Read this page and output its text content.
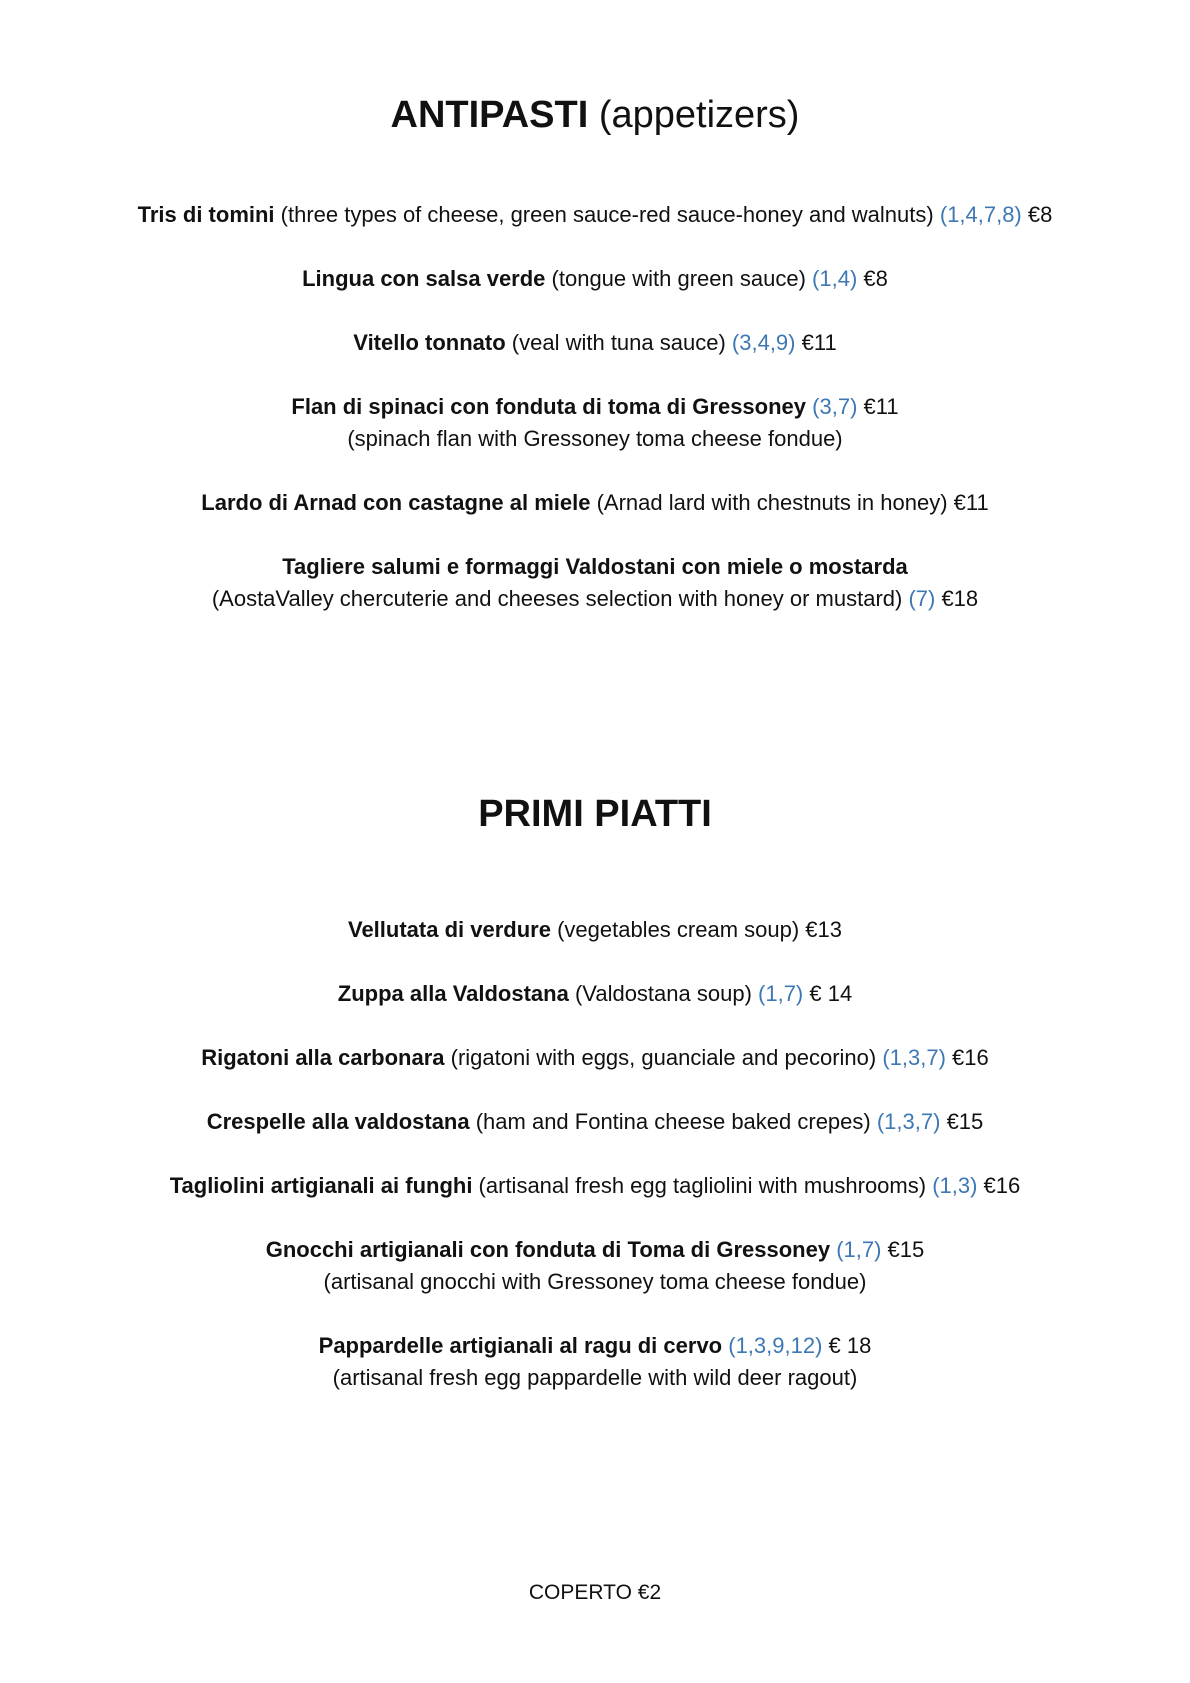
ANTIPASTI (appetizers)

Tris di tomini (three types of cheese, green sauce-red sauce-honey and walnuts) (1,4,7,8) €8

Lingua con salsa verde (tongue with green sauce) (1,4) €8

Vitello tonnato (veal with tuna sauce) (3,4,9) €11

Flan di spinaci con fonduta di toma di Gressoney (3,7) €11
(spinach flan with Gressoney toma cheese fondue)

Lardo di Arnad con castagne al miele (Arnad lard with chestnuts in honey) €11

Tagliere salumi e formaggi Valdostani con miele o mostarda
(AostaValley chercuterie and cheeses selection with honey or mustard) (7) €18

PRIMI PIATTI

Vellutata di verdure (vegetables cream soup) €13

Zuppa alla Valdostana (Valdostana soup) (1,7) € 14

Rigatoni alla carbonara (rigatoni with eggs, guanciale and pecorino) (1,3,7) €16

Crespelle alla valdostana (ham and Fontina cheese baked crepes) (1,3,7) €15

Tagliolini artigianali ai funghi (artisanal fresh egg tagliolini with mushrooms) (1,3) €16

Gnocchi artigianali con fonduta di Toma di Gressoney (1,7) €15
(artisanal gnocchi with Gressoney toma cheese fondue)

Pappardelle artigianali al ragu di cervo (1,3,9,12) € 18
(artisanal fresh egg pappardelle with wild deer ragout)

COPERTO €2
